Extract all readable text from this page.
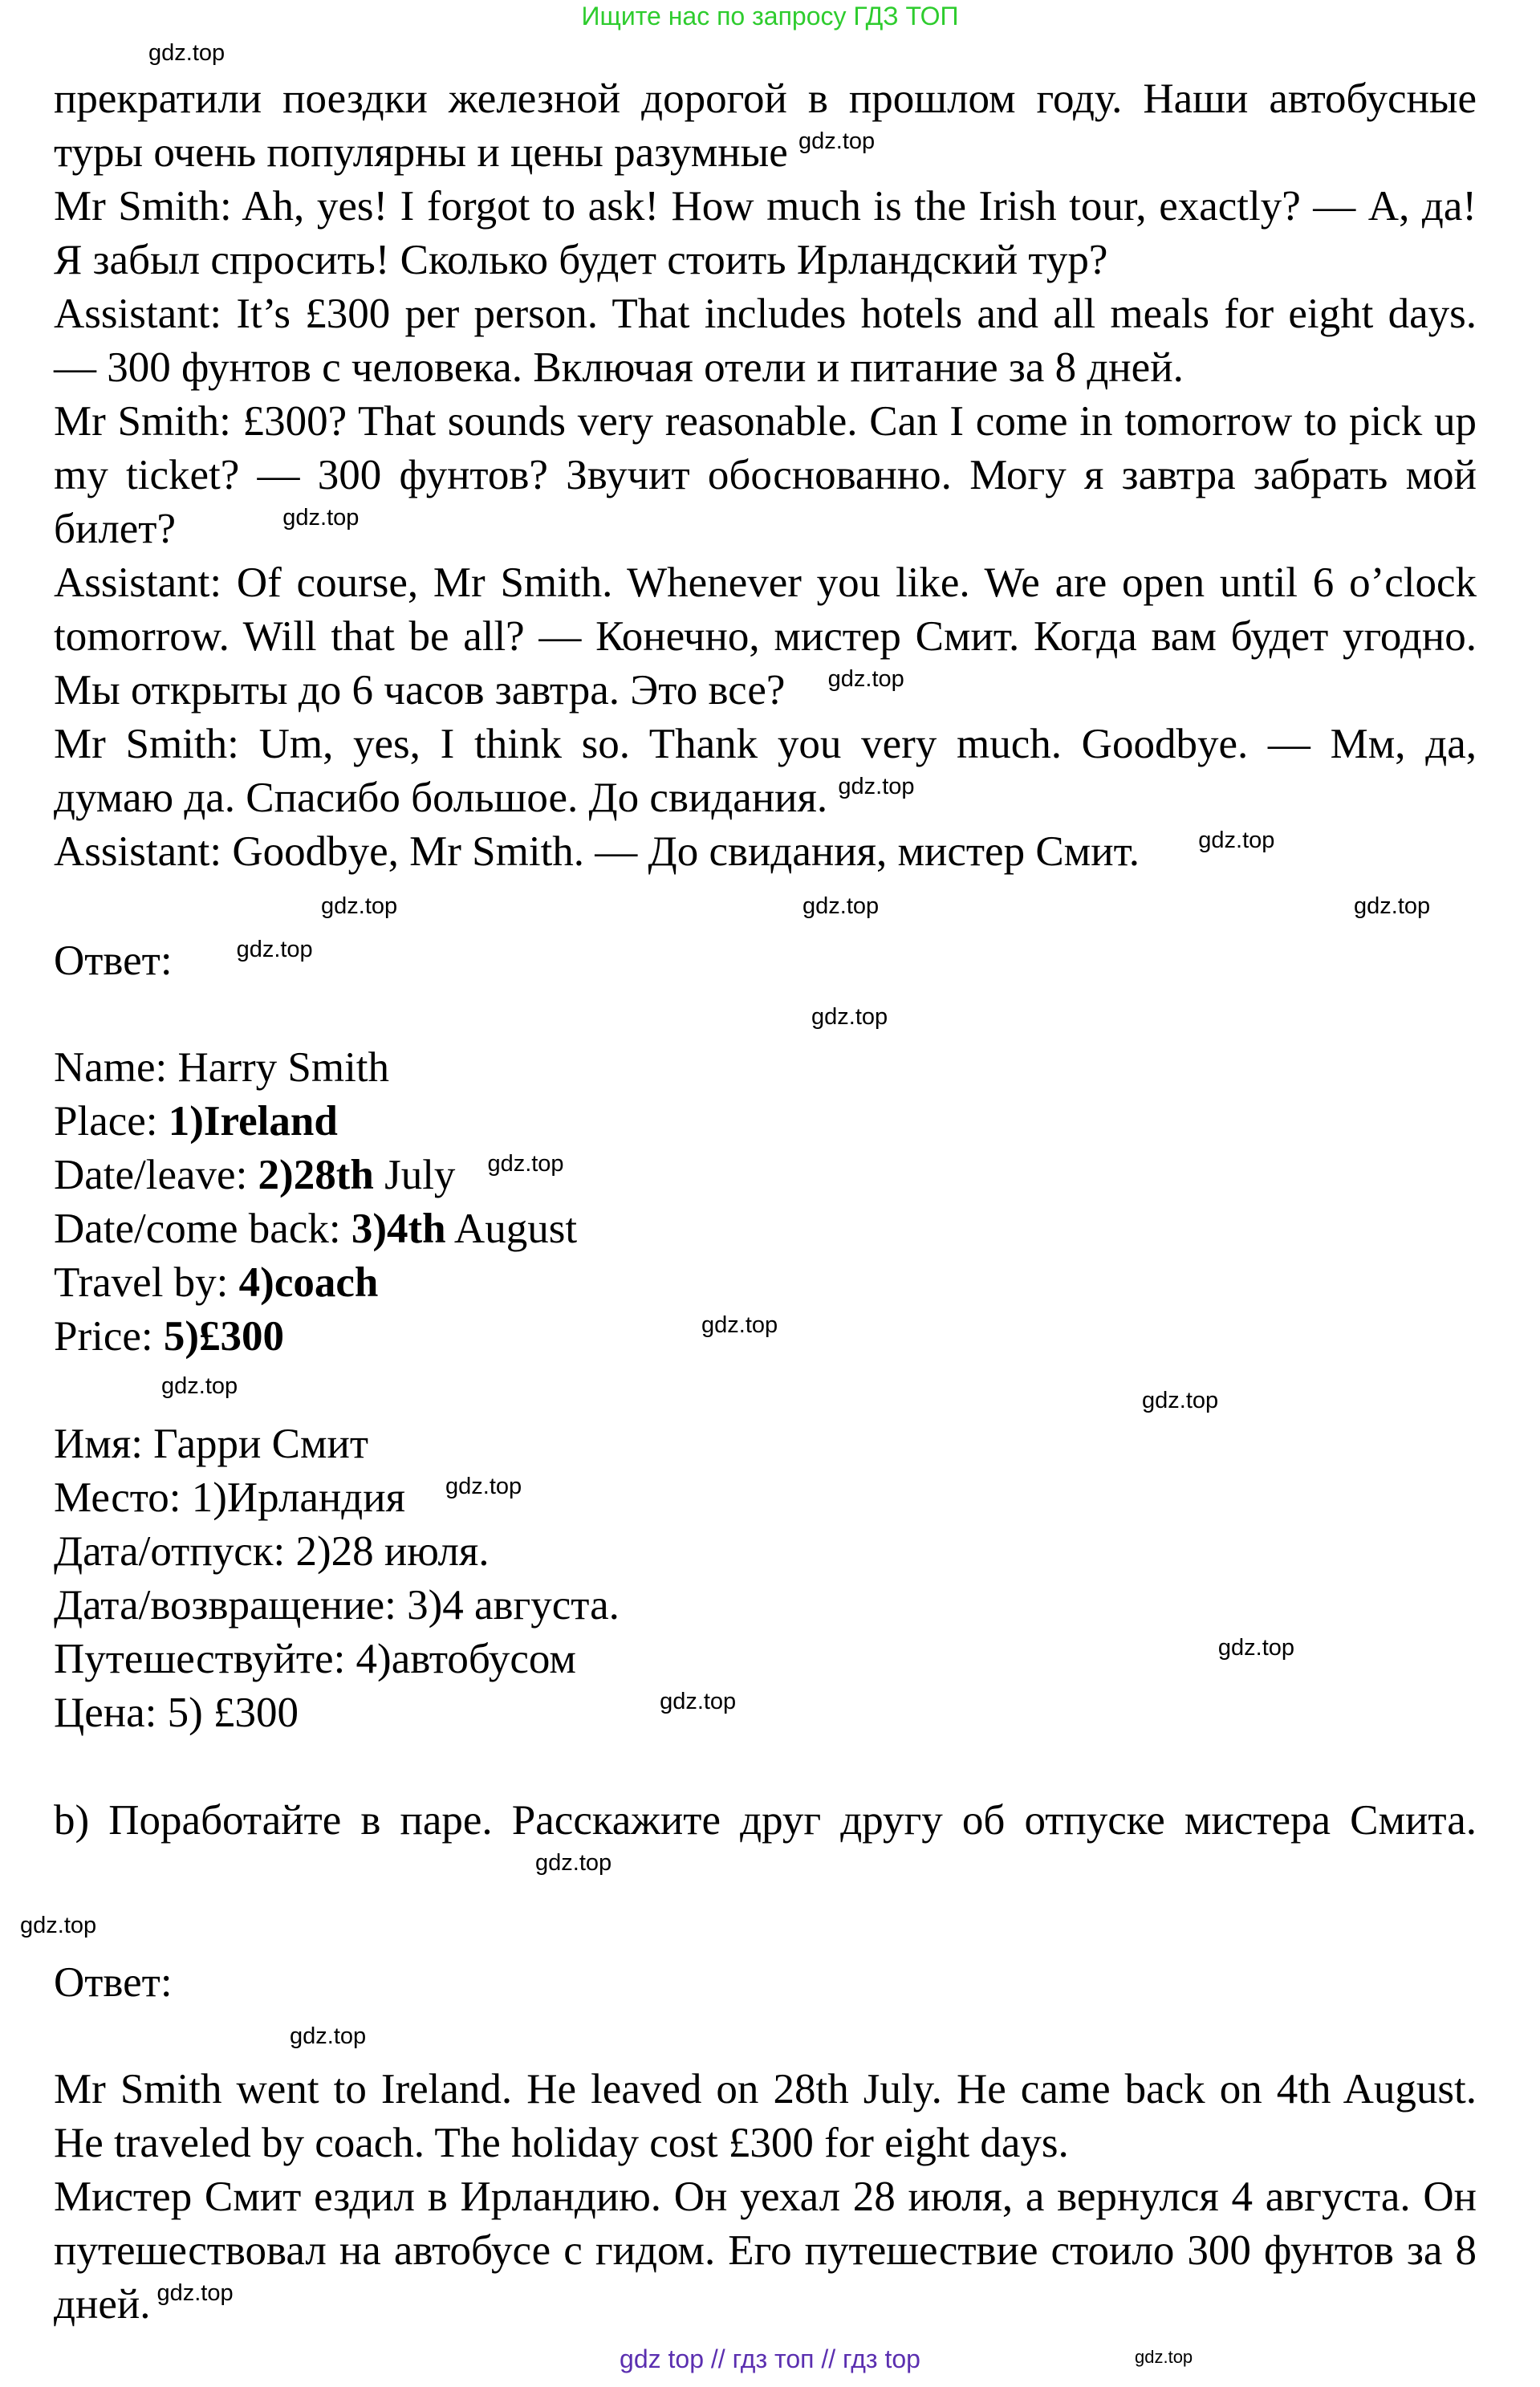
Ищите нас по запросу ГДЗ ТОП
gdz.top

прекратили поездки железной дорогой в прошлом году. Наши автобусные туры очень популярны и цены разумные $^{gdz.top}$

Mr Smith: Ah, yes! I forgot to ask! How much is the Irish tour, exactly? — А, да! Я забыл спросить! Сколько будет стоить Ирландский тур?

Assistant: It’s £300 per person. That includes hotels and all meals for eight days. — 300 фунтов с человека. Включая отели и питание за 8 дней.

Mr Smith: £300? That sounds very reasonable. Can I come in tomorrow to pick up my ticket? — 300 фунтов? Звучит обоснованно. Могу я завтра забрать мой билет?	$^{gdz.top}$

Assistant: Of course, Mr Smith. Whenever you like. We are open until 6 o’clock tomorrow. Will that be all? — Конечно, мистер Смит. Когда вам будет угодно. Мы открыты до 6 часов завтра. Это все? $^{gdz.top}$

Mr Smith: Um, yes, I think so. Thank you very much. Goodbye. — Мм, да, думаю да. Спасибо большое. До свидания. $^{gdz.top}$

Assistant: Goodbye, Mr Smith. — До свидания, мистер Смит.	$^{gdz.top}$

gdz.top	gdz.top	gdz.top
Ответ:	$^{gdz.top}$
gdz.top
Name: Harry Smith
Place: 1)Ireland
Date/leave: 2)28th July $^{gdz.top}$
Date/come back: 3)4th August
Travel by: 4)coach
Price: 5)£300	$^{gdz.top}$
gdz.top
gdz.top
Имя: Гарри Смит
Место: 1)Ирландия $^{gdz.top}$
Дата/отпуск: 2)28 июля.
Дата/возвращение: 3)4 августа.
Путешествуйте: 4)автобусом	$^{gdz.top}$
Цена: 5) £300	$^{gdz.top}$

b) Поработайте в паре. Расскажите друг другу об отпуске мистера Смита. $^{gdz.top}$

gdz.top
Ответ:
gdz.top

Mr Smith went to Ireland. He leaved on 28th July. He came back on 4th August. He traveled by coach. The holiday cost £300 for eight days.

Мистер Смит ездил в Ирландию. Он уехал 28 июля, а вернулся 4 августа. Он путешествовал на автобусе с гидом. Его путешествие стоило 300 фунтов за 8 дней. $^{gdz.top}$

gdz top // гдз топ // гдз top	gdz.top
